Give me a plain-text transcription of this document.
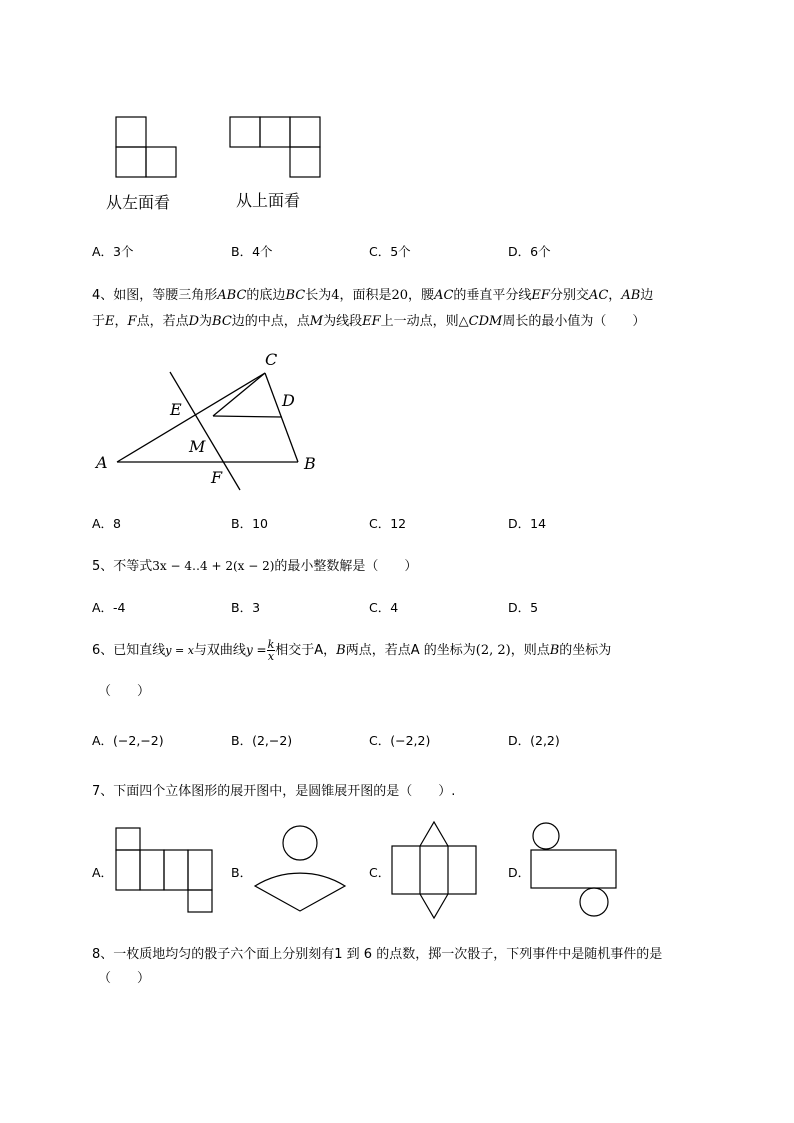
从左面看	从上面看
A．3个	B．4个	C．5个	D．6个
4、如图，等腰三角形ABC的底边BC长为4，面积是20，腰AC的垂直平分线EF分别交AC，AB边
于E，F点，若点D为BC边的中点，点M为线段EF上一动点，则△CDM周长的最小值为（　　）
C
D
E
M
A	B
F
A．8	B．10	C．12	D．14
5、不等式3x − 4‥4 + 2(x − 2)的最小整数解是（　　）
A．-4	B．3	C．4	D．5
6、已知直线y = x与双曲线$y = \frac{k}{x}$ 相交于A，B两点，若点A 的坐标为(2, 2)，则点B的坐标为
（　　）
A．(−2,−2)	B．(2,−2)	C．(−2,2)	D．(2,2)
7、下面四个立体图形的展开图中，是圆锥展开图的是（　　）.
A．	B．	C．	D．
8、一枚质地均匀的骰子六个面上分别刻有1 到 6 的点数，掷一次骰子，下列事件中是随机事件的是
（　　）
